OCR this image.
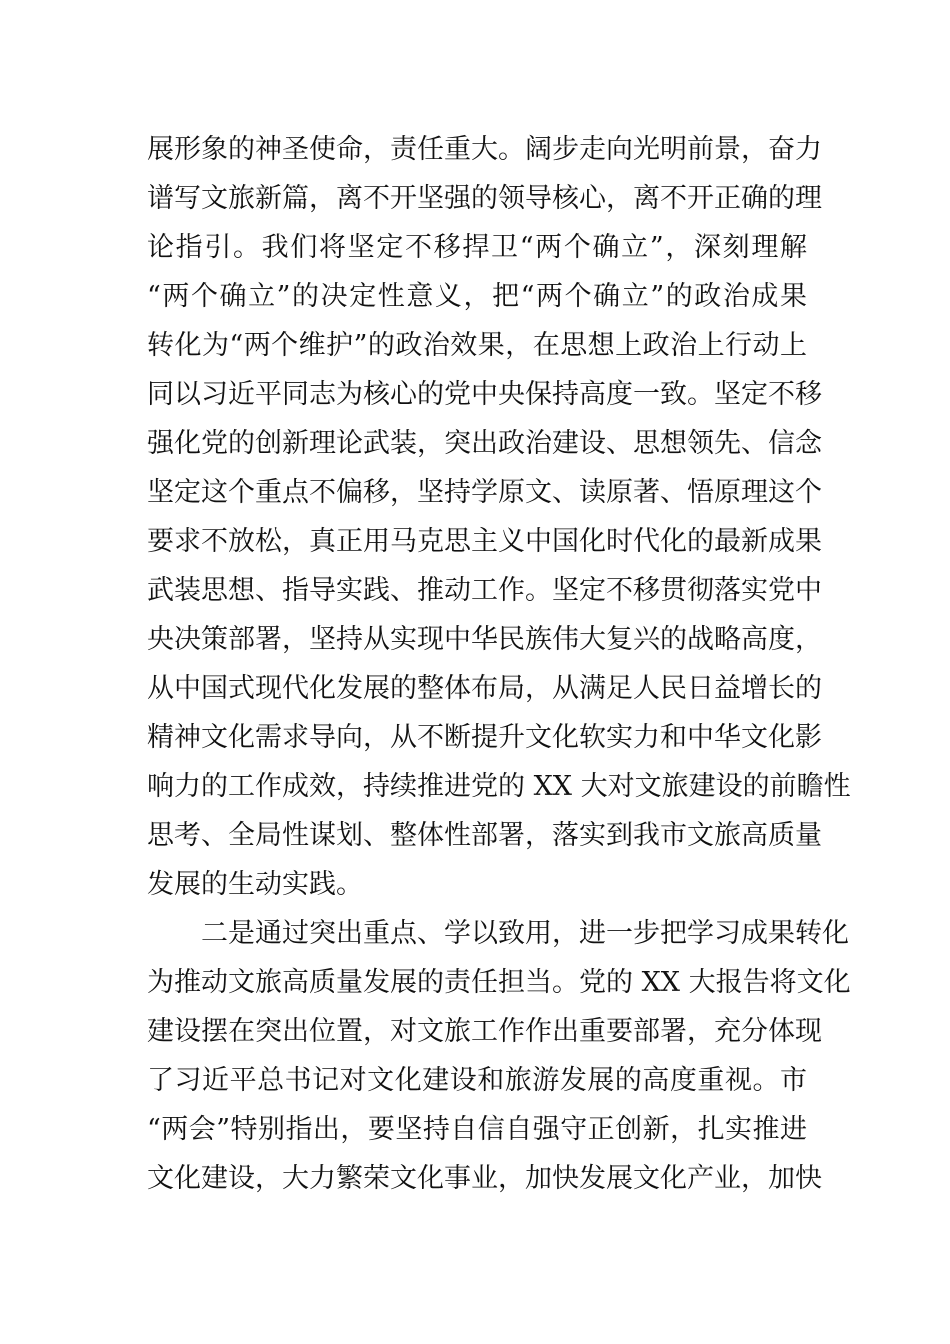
展形象的神圣使命，责任重大。阔步走向光明前景，奋力
谱写文旅新篇，离不开坚强的领导核心，离不开正确的理
论指引。我们将坚定不移捍卫“两个确立”，深刻理解
“两个确立”的决定性意义，把“两个确立”的政治成果
转化为“两个维护”的政治效果，在思想上政治上行动上
同以习近平同志为核心的党中央保持高度一致。坚定不移
强化党的创新理论武装，突出政治建设、思想领先、信念
坚定这个重点不偏移，坚持学原文、读原著、悟原理这个
要求不放松，真正用马克思主义中国化时代化的最新成果
武装思想、指导实践、推动工作。坚定不移贯彻落实党中
央决策部署，坚持从实现中华民族伟大复兴的战略高度，
从中国式现代化发展的整体布局，从满足人民日益增长的
精神文化需求导向，从不断提升文化软实力和中华文化影
响力的工作成效，持续推进党的 XX 大对文旅建设的前瞻性
思考、全局性谋划、整体性部署，落实到我市文旅高质量
发展的生动实践。
二是通过突出重点、学以致用，进一步把学习成果转化
为推动文旅高质量发展的责任担当。党的 XX 大报告将文化
建设摆在突出位置，对文旅工作作出重要部署，充分体现
了习近平总书记对文化建设和旅游发展的高度重视。市
“两会”特别指出，要坚持自信自强守正创新，扎实推进
文化建设，大力繁荣文化事业，加快发展文化产业，加快
